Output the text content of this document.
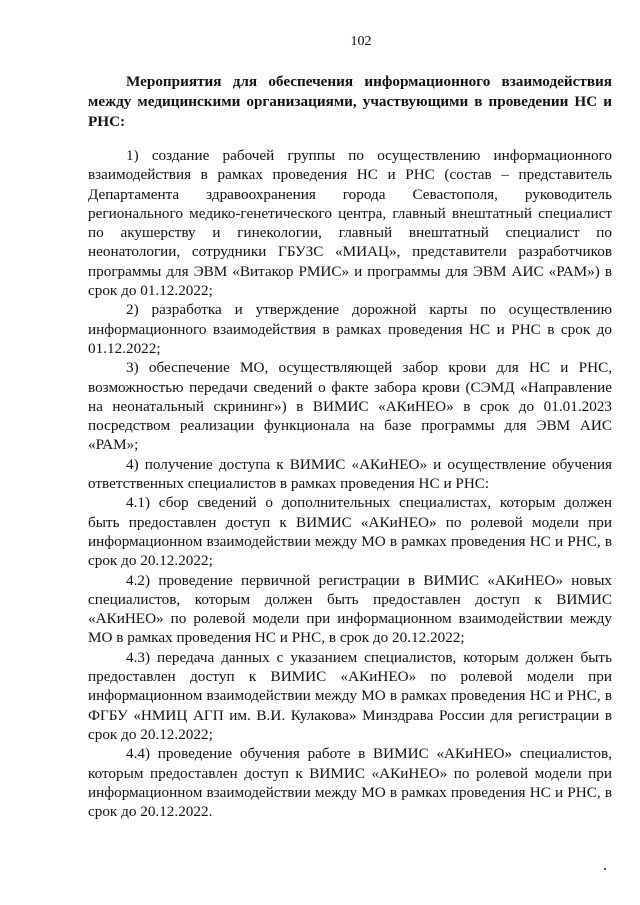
102
Мероприятия для обеспечения информационного взаимодействия между медицинскими организациями, участвующими в проведении НС и РНС:

1) создание рабочей группы по осуществлению информационного взаимодействия в рамках проведения НС и РНС (состав – представитель Департамента здравоохранения города Севастополя, руководитель регионального медико-генетического центра, главный внештатный специалист по акушерству и гинекологии, главный внештатный специалист по неонатологии, сотрудники ГБУЗС «МИАЦ», представители разработчиков программы для ЭВМ «Витакор РМИС» и программы для ЭВМ АИС «РАМ») в срок до 01.12.2022;

2) разработка и утверждение дорожной карты по осуществлению информационного взаимодействия в рамках проведения НС и РНС в срок до 01.12.2022;

3) обеспечение МО, осуществляющей забор крови для НС и РНС, возможностью передачи сведений о факте забора крови (СЭМД «Направление на неонатальный скрининг») в ВИМИС «АКиНЕО» в срок до 01.01.2023 посредством реализации функционала на базе программы для ЭВМ АИС «РАМ»;

4) получение доступа к ВИМИС «АКиНЕО» и осуществление обучения ответственных специалистов в рамках проведения НС и РНС:

4.1) сбор сведений о дополнительных специалистах, которым должен быть предоставлен доступ к ВИМИС «АКиНЕО» по ролевой модели при информационном взаимодействии между МО в рамках проведения НС и РНС, в срок до 20.12.2022;

4.2) проведение первичной регистрации в ВИМИС «АКиНЕО» новых специалистов, которым должен быть предоставлен доступ к ВИМИС «АКиНЕО» по ролевой модели при информационном взаимодействии между МО в рамках проведения НС и РНС, в срок до 20.12.2022;

4.3) передача данных с указанием специалистов, которым должен быть предоставлен доступ к ВИМИС «АКиНЕО» по ролевой модели при информационном взаимодействии между МО в рамках проведения НС и РНС, в ФГБУ «НМИЦ АГП им. В.И. Кулакова» Минздрава России для регистрации в срок до 20.12.2022;

4.4) проведение обучения работе в ВИМИС «АКиНЕО» специалистов, которым предоставлен доступ к ВИМИС «АКиНЕО» по ролевой модели при информационном взаимодействии между МО в рамках проведения НС и РНС, в срок до 20.12.2022.
